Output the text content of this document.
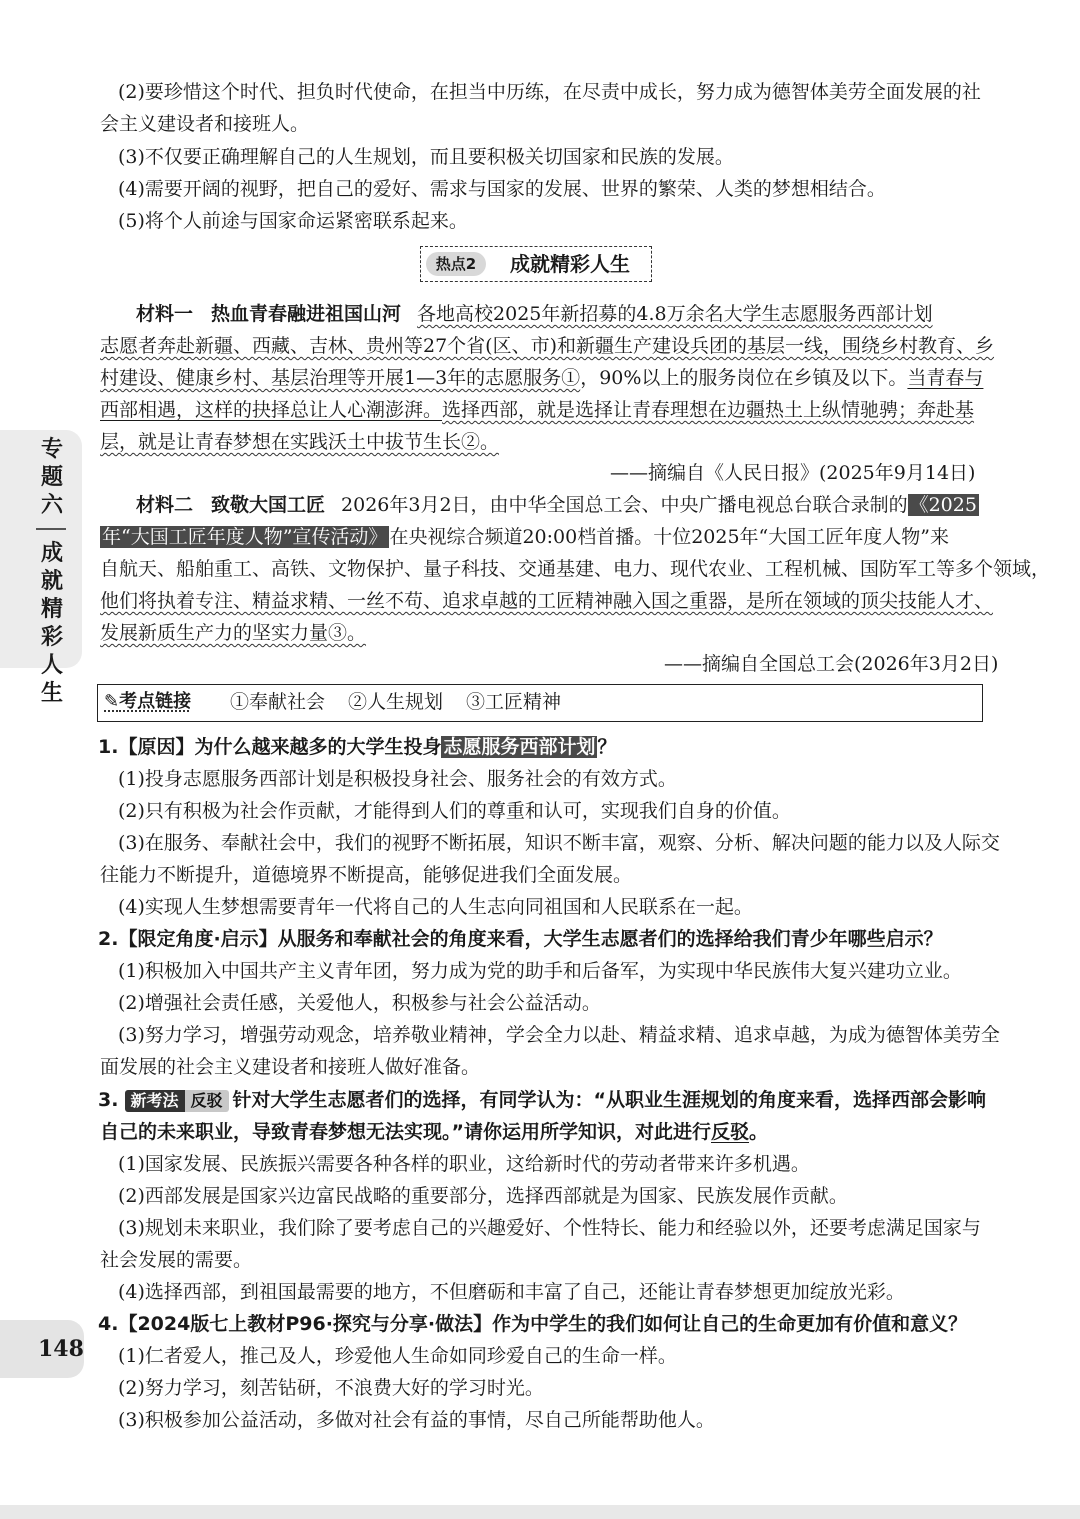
(2)要珍惜这个时代、担负时代使命，在担当中历练，在尽责中成长，努力成为德智体美劳全面发展的社
会主义建设者和接班人。
(3)不仅要正确理解自己的人生规划，而且要积极关切国家和民族的发展。
(4)需要开阔的视野，把自己的爱好、需求与国家的发展、世界的繁荣、人类的梦想相结合。
(5)将个人前途与国家命运紧密联系起来。
热点2	成就精彩人生
材料一 热血青春融进祖国山河 各地高校2025年新招募的4.8万余名大学生志愿服务西部计划
志愿者奔赴新疆、西藏、吉林、贵州等27个省(区、市)和新疆生产建设兵团的基层一线，围绕乡村教育、乡
村建设、健康乡村、基层治理等开展1—3年的志愿服务①，90%以上的服务岗位在乡镇及以下。当青春与
西部相遇，这样的抉择总让人心潮澎湃。选择西部，就是选择让青春理想在边疆热土上纵情驰骋；奔赴基
层，就是让青春梦想在实践沃土中拔节生长②。
——摘编自《人民日报》(2025年9月14日)
材料二 致敬大国工匠 2026年3月2日，由中华全国总工会、中央广播电视总台联合录制的 《2025
年“大国工匠年度人物”宣传活动》 在央视综合频道20:00档首播。十位2025年“大国工匠年度人物”来
自航天、船舶重工、高铁、文物保护、量子科技、交通基建、电力、现代农业、工程机械、国防军工等多个领域，
他们将执着专注、精益求精、一丝不苟、追求卓越的工匠精神融入国之重器，是所在领域的顶尖技能人才、
发展新质生产力的坚实力量③。
——摘编自全国总工会(2026年3月2日)
✎考点链接 ①奉献社会 ②人生规划 ③工匠精神
1.【原因】为什么越来越多的大学生投身 志愿服务西部计划 ？
(1)投身志愿服务西部计划是积极投身社会、服务社会的有效方式。
(2)只有积极为社会作贡献，才能得到人们的尊重和认可，实现我们自身的价值。
(3)在服务、奉献社会中，我们的视野不断拓展，知识不断丰富，观察、分析、解决问题的能力以及人际交
往能力不断提升，道德境界不断提高，能够促进我们全面发展。
(4)实现人生梦想需要青年一代将自己的人生志向同祖国和人民联系在一起。
2.【限定角度·启示】从服务和奉献社会的角度来看，大学生志愿者们的选择给我们青少年哪些启示？
(1)积极加入中国共产主义青年团，努力成为党的助手和后备军，为实现中华民族伟大复兴建功立业。
(2)增强社会责任感，关爱他人，积极参与社会公益活动。
(3)努力学习，增强劳动观念，培养敬业精神，学会全力以赴、精益求精、追求卓越，为成为德智体美劳全
面发展的社会主义建设者和接班人做好准备。
3. 新考法 反驳 针对大学生志愿者们的选择，有同学认为：“从职业生涯规划的角度来看，选择西部会影响
自己的未来职业，导致青春梦想无法实现。”请你运用所学知识，对此进行反驳。
(1)国家发展、民族振兴需要各种各样的职业，这给新时代的劳动者带来许多机遇。
(2)西部发展是国家兴边富民战略的重要部分，选择西部就是为国家、民族发展作贡献。
(3)规划未来职业，我们除了要考虑自己的兴趣爱好、个性特长、能力和经验以外，还要考虑满足国家与
社会发展的需要。
(4)选择西部，到祖国最需要的地方，不但磨砺和丰富了自己，还能让青春梦想更加绽放光彩。
4.【2024版七上教材P96·探究与分享·做法】作为中学生的我们如何让自己的生命更加有价值和意义？
(1)仁者爱人，推己及人，珍爱他人生命如同珍爱自己的生命一样。
(2)努力学习，刻苦钻研，不浪费大好的学习时光。
(3)积极参加公益活动，多做对社会有益的事情，尽自己所能帮助他人。
专
题
六
成
就
精
彩
人
生
148
